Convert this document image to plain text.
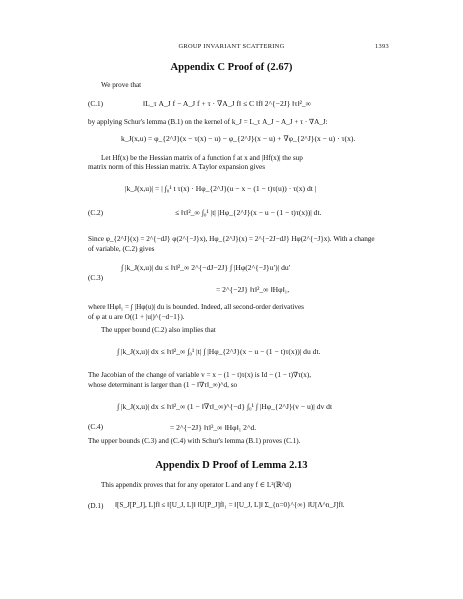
GROUP INVARIANT SCATTERING	1393
Appendix C Proof of (2.67)
We prove that
(C.1)	‖L_τ A_J f − A_J f + τ · ∇A_J f‖ ≤ C ‖f‖ 2^{−2J} ‖τ‖²_∞
by applying Schur's lemma (B.1) on the kernel of k_J = L_τ A_J − A_J + τ · ∇A_J:
k_J(x,u) = φ_{2^J}(x − τ(x) − u) − φ_{2^J}(x − u) + ∇φ_{2^J}(x − u) · τ(x).
Let Hf(x) be the Hessian matrix of a function f at x and |Hf(x)| the sup
matrix norm of this Hessian matrix. A Taylor expansion gives
|k_J(x,u)| = | ∫₀¹ t τ(x) · Hφ_{2^J}(u − x − (1 − t)τ(u)) · τ(x) dt |
(C.2)	≤ ‖τ‖²_∞ ∫₀¹ |t| |Hφ_{2^J}(x − u − (1 − t)τ(x))| dt.
Since φ_{2^J}(x) = 2^{−dJ} φ(2^{−J}x), Hφ_{2^J}(x) = 2^{−2J−dJ} Hφ(2^{−J}x). With a change
of variable, (C.2) gives
∫ |k_J(x,u)| du ≤ ‖τ‖²_∞ 2^{−dJ−2J} ∫ |Hφ(2^{−J}u′)| du′
(C.3)
= 2^{−2J} ‖τ‖²_∞ ‖Hφ‖₁,
where ‖Hφ‖₁ = ∫ |Hφ(u)| du is bounded. Indeed, all second-order derivatives
of φ at u are O((1 + |u|)^{−d−1}).
The upper bound (C.2) also implies that
∫ |k_J(x,u)| dx ≤ ‖τ‖²_∞ ∫₀¹ |t| ∫ |Hφ_{2^J}(x − u − (1 − t)τ(x))| du dt.
The Jacobian of the change of variable v = x − (1 − t)τ(x) is Id − (1 − t)∇τ(x),
whose determinant is larger than (1 − ‖∇τ‖_∞)^d, so
∫ |k_J(x,u)| dx ≤ ‖τ‖²_∞ (1 − ‖∇τ‖_∞)^{−d} ∫₀¹ ∫ |Hφ_{2^J}(v − u)| dv dt
(C.4)	= 2^{−2J} ‖τ‖²_∞ ‖Hφ‖₁ 2^d.
The upper bounds (C.3) and (C.4) with Schur's lemma (B.1) proves (C.1).
Appendix D Proof of Lemma 2.13
This appendix proves that for any operator L and any f ∈ L²(ℝ^d)
(D.1) ‖[S_J[P_J], L]f‖ ≤ ‖[U_J, L]‖ ‖U[P_J]f‖₁ = ‖[U_J, L]‖ Σ_{n=0}^{∞} ‖U[Λ^n_J]f‖.
